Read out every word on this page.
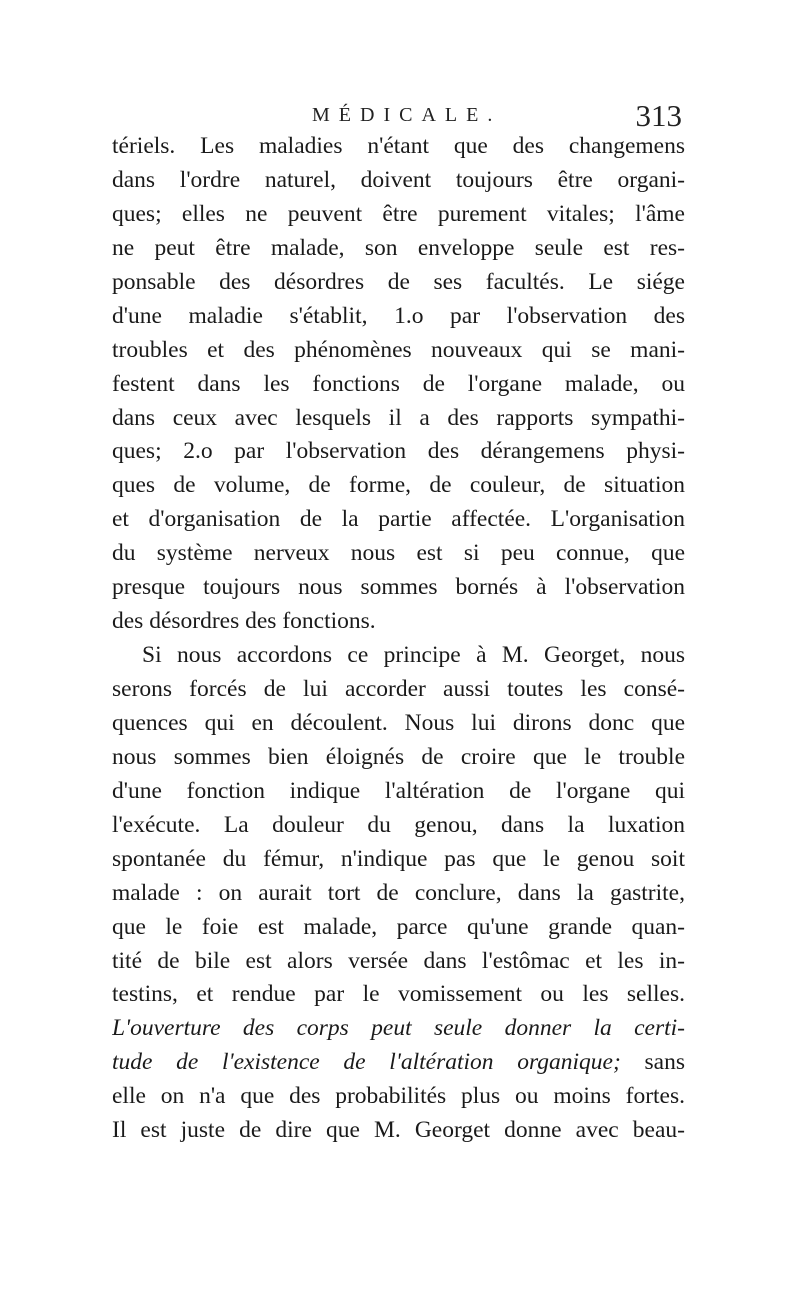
MÉDICALE.	313
tériels. Les maladies n'étant que des changemens
dans l'ordre naturel, doivent toujours être organi-
ques; elles ne peuvent être purement vitales; l'âme
ne peut être malade, son enveloppe seule est res-
ponsable des désordres de ses facultés. Le siége
d'une maladie s'établit, 1.o par l'observation des
troubles et des phénomènes nouveaux qui se mani-
festent dans les fonctions de l'organe malade, ou
dans ceux avec lesquels il a des rapports sympathi-
ques; 2.o par l'observation des dérangemens physi-
ques de volume, de forme, de couleur, de situation
et d'organisation de la partie affectée. L'organisation
du système nerveux nous est si peu connue, que
presque toujours nous sommes bornés à l'observation
des désordres des fonctions.
Si nous accordons ce principe à M. Georget, nous
serons forcés de lui accorder aussi toutes les consé-
quences qui en découlent. Nous lui dirons donc que
nous sommes bien éloignés de croire que le trouble
d'une fonction indique l'altération de l'organe qui
l'exécute. La douleur du genou, dans la luxation
spontanée du fémur, n'indique pas que le genou soit
malade : on aurait tort de conclure, dans la gastrite,
que le foie est malade, parce qu'une grande quan-
tité de bile est alors versée dans l'estômac et les in-
testins, et rendue par le vomissement ou les selles.
L'ouverture des corps peut seule donner la certi-
tude de l'existence de l'altération organique; sans
elle on n'a que des probabilités plus ou moins fortes.
Il est juste de dire que M. Georget donne avec beau-
